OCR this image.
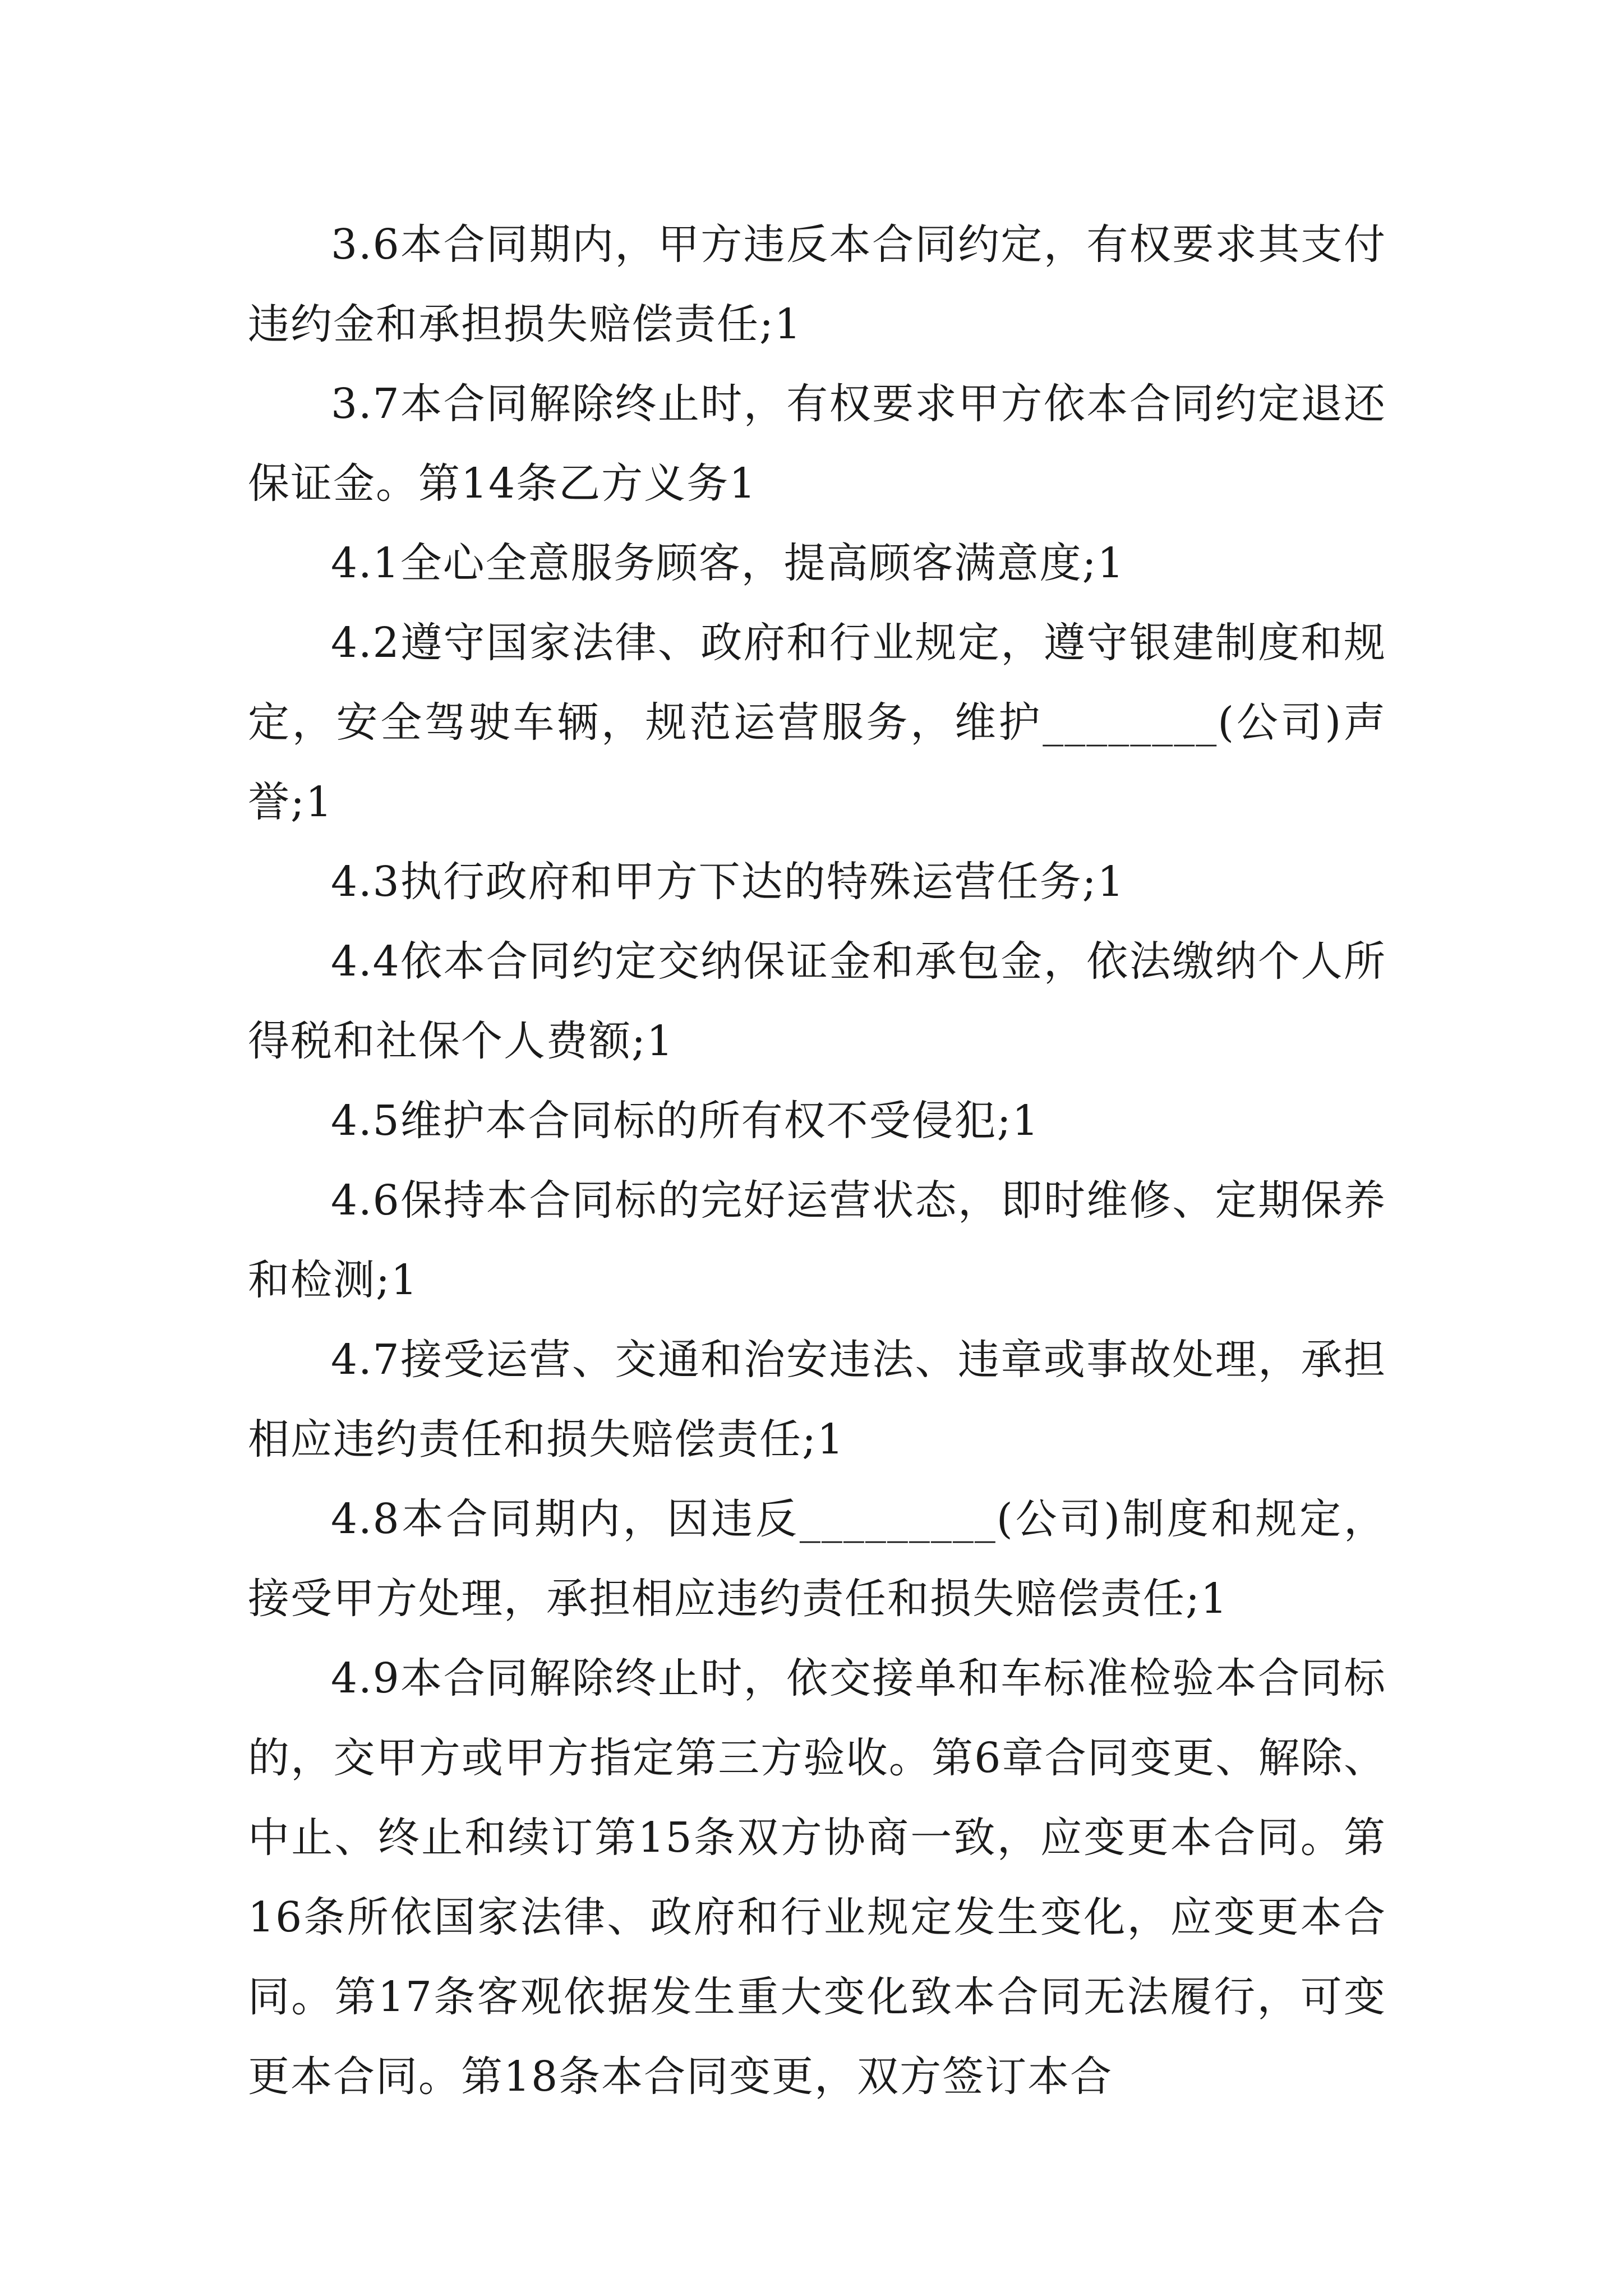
3.6本合同期内，甲方违反本合同约定，有权要求其支付违约金和承担损失赔偿责任;1

3.7本合同解除终止时，有权要求甲方依本合同约定退还保证金。第14条乙方义务1

4.1全心全意服务顾客，提高顾客满意度;1

4.2遵守国家法律、政府和行业规定，遵守银建制度和规定，安全驾驶车辆，规范运营服务，维护________(公司)声誉;1

4.3执行政府和甲方下达的特殊运营任务;1

4.4依本合同约定交纳保证金和承包金，依法缴纳个人所得税和社保个人费额;1

4.5维护本合同标的所有权不受侵犯;1

4.6保持本合同标的完好运营状态，即时维修、定期保养和检测;1

4.7接受运营、交通和治安违法、违章或事故处理，承担相应违约责任和损失赔偿责任;1

4.8本合同期内，因违反_________(公司)制度和规定，接受甲方处理，承担相应违约责任和损失赔偿责任;1

4.9本合同解除终止时，依交接单和车标准检验本合同标的，交甲方或甲方指定第三方验收。第6章合同变更、解除、中止、终止和续订第15条双方协商一致，应变更本合同。第16条所依国家法律、政府和行业规定发生变化，应变更本合同。第17条客观依据发生重大变化致本合同无法履行，可变更本合同。第18条本合同变更，双方签订本合
